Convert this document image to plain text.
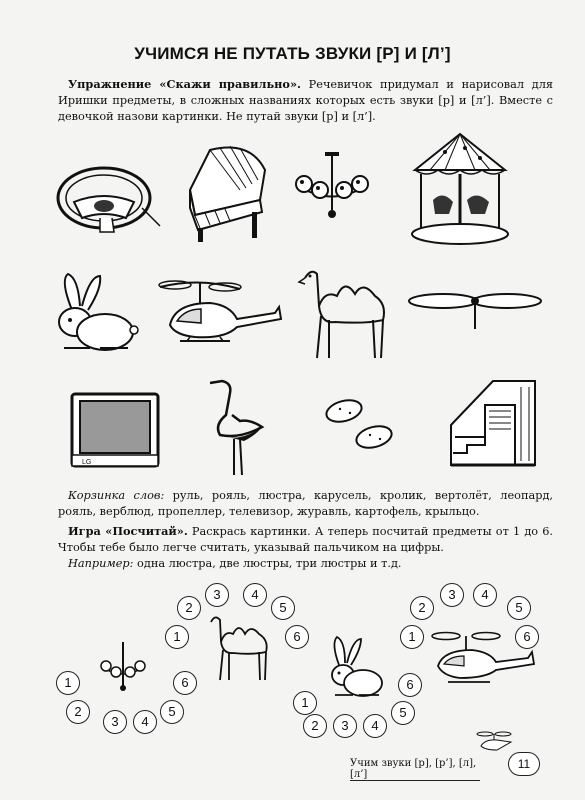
УЧИМСЯ НЕ ПУТАТЬ ЗВУКИ [Р] И [Л’]
Упражнение «Скажи правильно». Речевичок придумал и нарисовал для Иришки предметы, в сложных названиях которых есть звуки [р] и [л’]. Вместе с девочкой назови картинки. Не путай звуки [р] и [л’].
LG
Корзинка слов: руль, рояль, люстра, карусель, кролик, вертолёт, леопард, рояль, верблюд, пропеллер, телевизор, журавль, картофель, крыльцо.
Игра «Посчитай». Раскрась картинки. А теперь посчитай предметы от 1 до 6. Чтобы тебе было легче считать, указывай пальчиком на цифры.
Например: одна люстра, две люстры, три люстры и т.д.
1
2
3	4
5
6
2
3	4
5
1	6
1
2	3	4
5
6
2
3	4
5
6
1
Учим звуки [р], [р’], [л], [л’]
11
